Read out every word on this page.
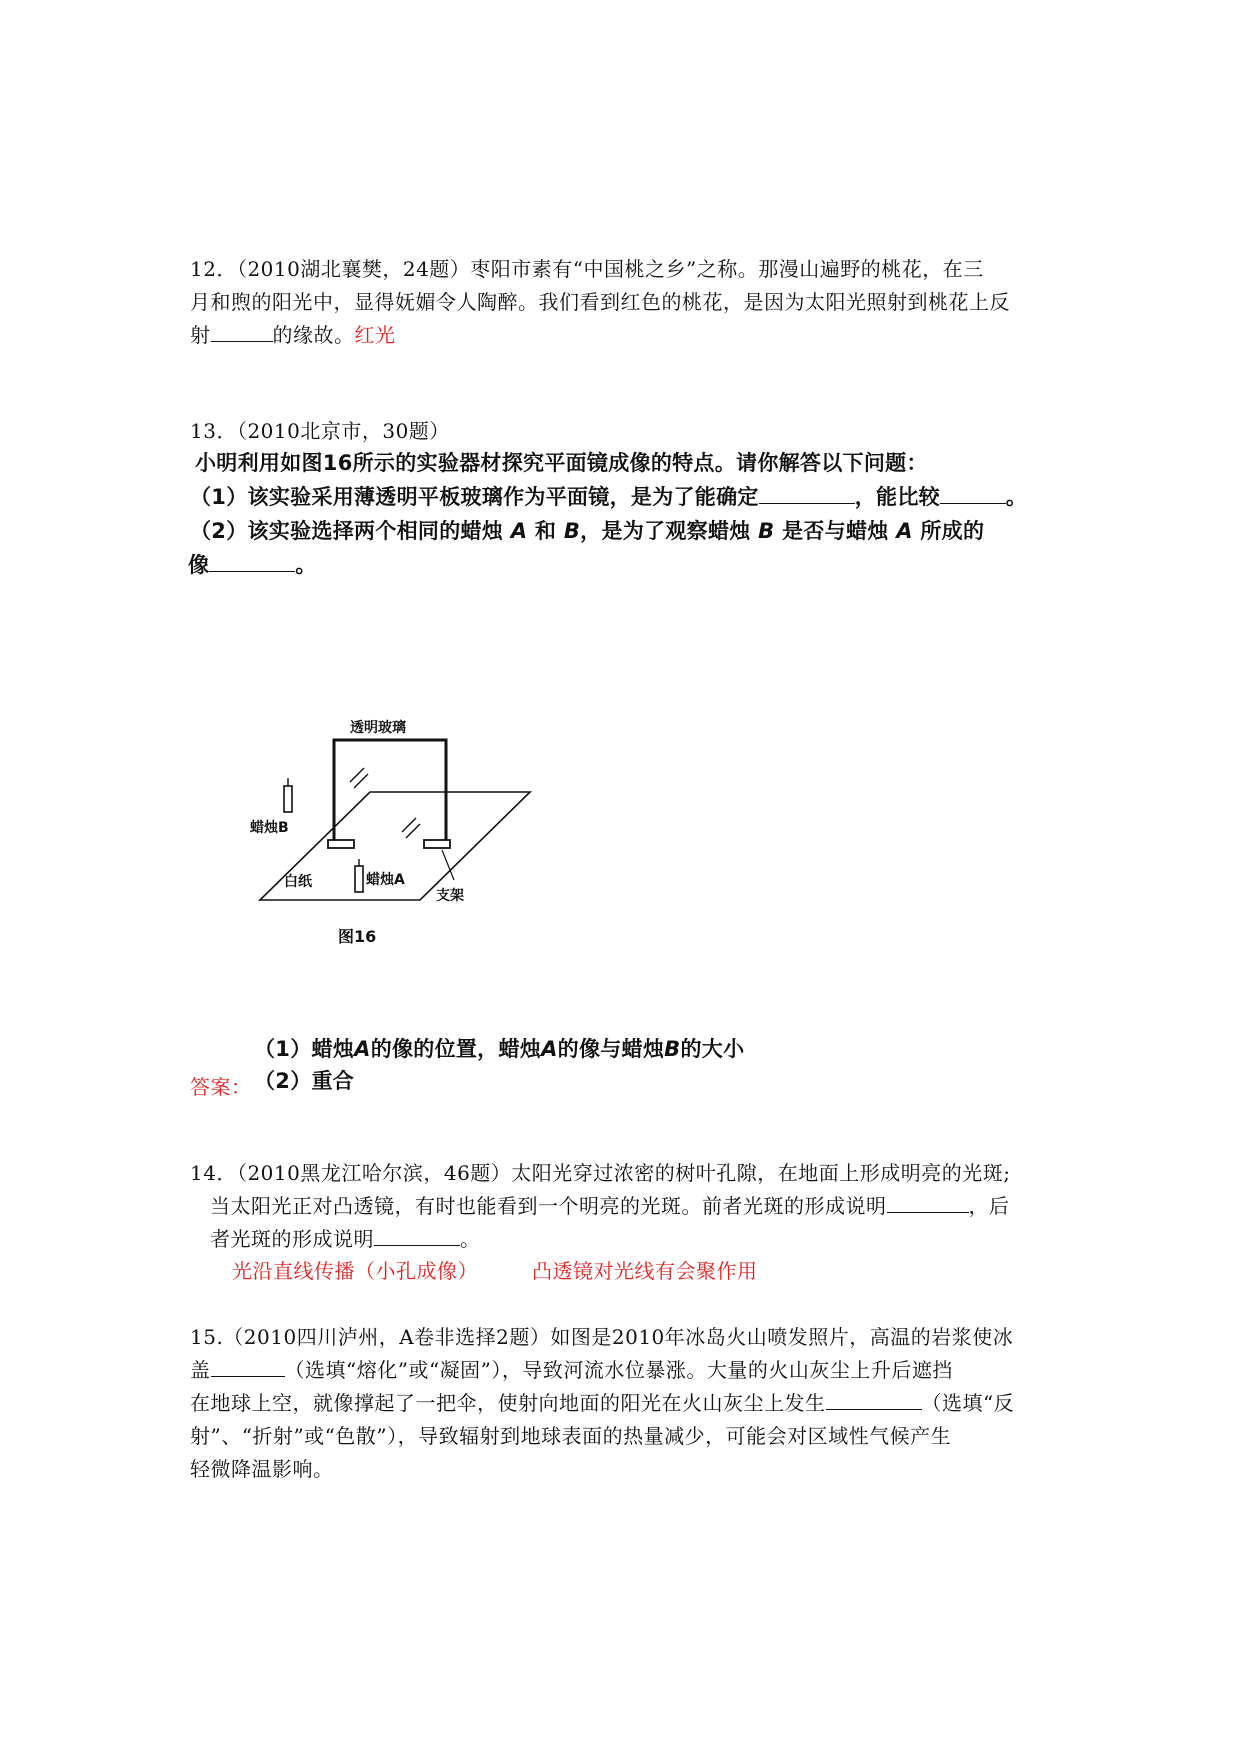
12．（2010湖北襄樊，24题）枣阳市素有“中国桃之乡”之称。那漫山遍野的桃花，在三
月和煦的阳光中，显得妩媚令人陶醉。我们看到红色的桃花，是因为太阳光照射到桃花上反
射	的缘故。红光
13．（2010北京市，30题）
小明利用如图16所示的实验器材探究平面镜成像的特点。请你解答以下问题：
（1）该实验采用薄透明平板玻璃作为平面镜，是为了能确定	，能比较	。
（2）该实验选择两个相同的蜡烛 A 和 B，是为了观察蜡烛 B 是否与蜡烛 A 所成的
像	。
透明玻璃
蜡烛B
白纸	蜡烛A
支架
图16
（1）蜡烛A的像的位置，蜡烛A的像与蜡烛B的大小
答案： （2）重合
14．（2010黑龙江哈尔滨，46题）太阳光穿过浓密的树叶孔隙，在地面上形成明亮的光斑;
当太阳光正对凸透镜，有时也能看到一个明亮的光斑。前者光斑的形成说明	，后
者光斑的形成说明	。
光沿直线传播（小孔成像）	凸透镜对光线有会聚作用
15.（2010四川泸州，A卷非选择2题）如图是2010年冰岛火山喷发照片，高温的岩浆使冰
盖	（选填“熔化”或“凝固”），导致河流水位暴涨。大量的火山灰尘上升后遮挡
在地球上空，就像撑起了一把伞，使射向地面的阳光在火山灰尘上发生	（选填“反
射”、“折射”或“色散”），导致辐射到地球表面的热量减少，可能会对区域性气候产生
轻微降温影响。
